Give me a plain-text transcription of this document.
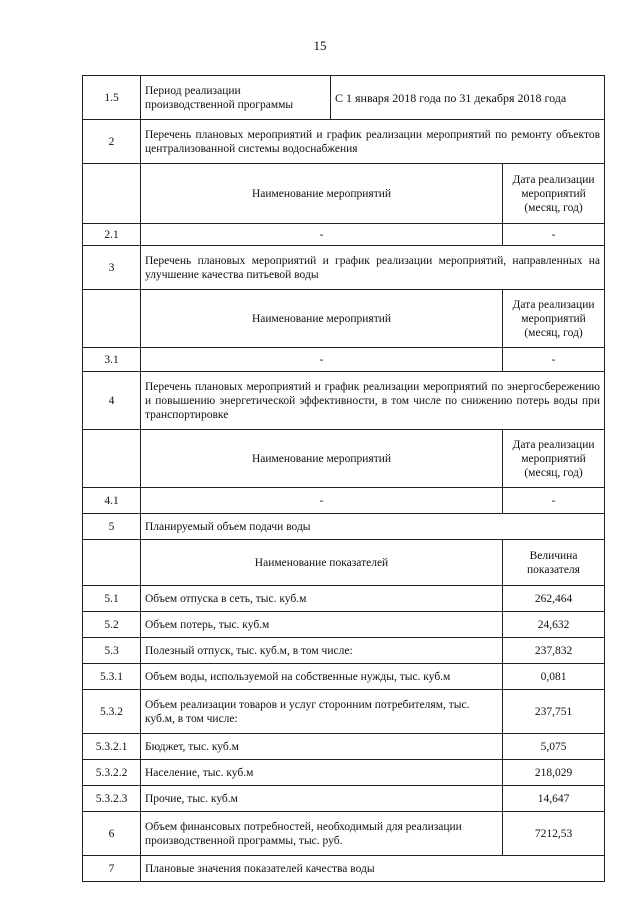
15
1.5	Период реализации производственной программы	С 1 января 2018 года по 31 декабря 2018 года	
2	Перечень плановых мероприятий и график реализации мероприятий по ремонту объектов централизованной системы водоснабжения		
	Наименование мероприятий		Дата реализации мероприятий (месяц, год)
2.1	-		-
3	Перечень плановых мероприятий и график реализации мероприятий, направленных на улучшение качества питьевой воды		
	Наименование мероприятий		Дата реализации мероприятий (месяц, год)
3.1	-		-
4	Перечень плановых мероприятий и график реализации мероприятий по энергосбережению и повышению энергетической эффективности, в том числе по снижению потерь воды при транспортировке		
	Наименование мероприятий		Дата реализации мероприятий (месяц, год)
4.1	-		-
5	Планируемый объем подачи воды		
	Наименование показателей		Величина показателя
5.1	Объем отпуска в сеть, тыс. куб.м		262,464
5.2	Объем потерь, тыс. куб.м		24,632
5.3	Полезный отпуск, тыс. куб.м, в том числе:		237,832
5.3.1	Объем воды, используемой на собственные нужды, тыс. куб.м		0,081
5.3.2	Объем реализации товаров и услуг сторонним потребителям, тыс. куб.м, в том числе:		237,751
5.3.2.1	Бюджет, тыс. куб.м		5,075
5.3.2.2	Население, тыс. куб.м		218,029
5.3.2.3	Прочие, тыс. куб.м		14,647
6	Объем финансовых потребностей, необходимый для реализации производственной программы, тыс. руб.		7212,53
7	Плановые значения показателей качества воды		
